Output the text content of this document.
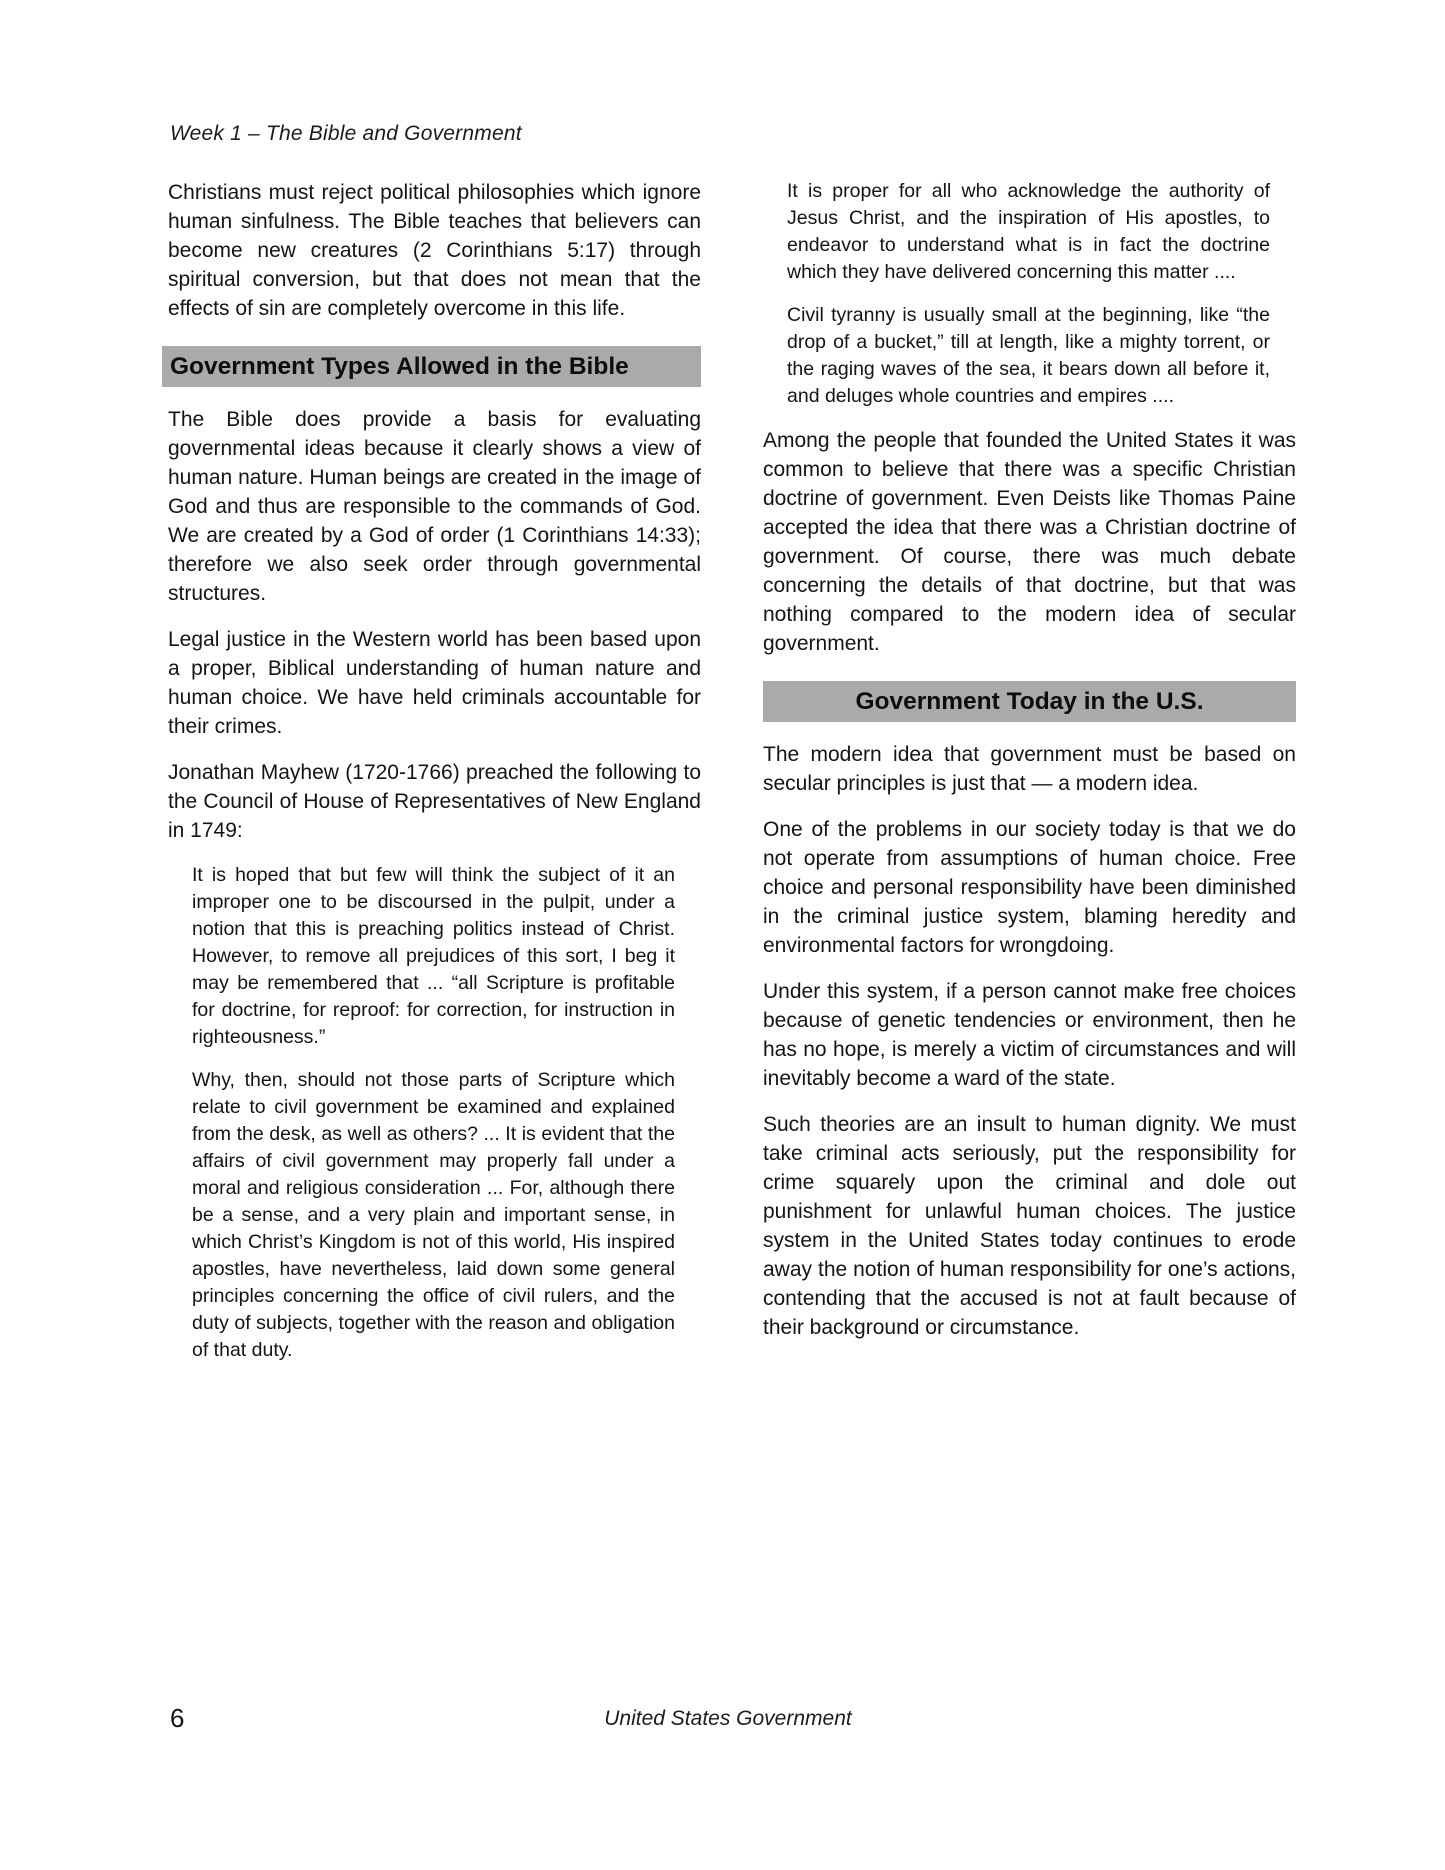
Week 1 – The Bible and Government

Christians must reject political philosophies which ignore human sinfulness. The Bible teaches that believers can become new creatures (2 Corinthians 5:17) through spiritual conversion, but that does not mean that the effects of sin are completely overcome in this life.

Government Types Allowed in the Bible

The Bible does provide a basis for evaluating governmental ideas because it clearly shows a view of human nature. Human beings are created in the image of God and thus are responsible to the commands of God. We are created by a God of order (1 Corinthians 14:33); therefore we also seek order through governmental structures.

Legal justice in the Western world has been based upon a proper, Biblical understanding of human nature and human choice. We have held criminals accountable for their crimes.

Jonathan Mayhew (1720-1766) preached the following to the Council of House of Representatives of New England in 1749:

It is hoped that but few will think the subject of it an improper one to be discoursed in the pulpit, under a notion that this is preaching politics instead of Christ. However, to remove all prejudices of this sort, I beg it may be remembered that ... “all Scripture is profitable for doctrine, for reproof: for correction, for instruction in righteousness.”

Why, then, should not those parts of Scripture which relate to civil government be examined and explained from the desk, as well as others? ... It is evident that the affairs of civil government may properly fall under a moral and religious consideration ... For, although there be a sense, and a very plain and important sense, in which Christ’s Kingdom is not of this world, His inspired apostles, have nevertheless, laid down some general principles concerning the office of civil rulers, and the duty of subjects, together with the reason and obligation of that duty.

It is proper for all who acknowledge the authority of Jesus Christ, and the inspiration of His apostles, to endeavor to understand what is in fact the doctrine which they have delivered concerning this matter ....

Civil tyranny is usually small at the beginning, like “the drop of a bucket,” till at length, like a mighty torrent, or the raging waves of the sea, it bears down all before it, and deluges whole countries and empires ....

Among the people that founded the United States it was common to believe that there was a specific Christian doctrine of government. Even Deists like Thomas Paine accepted the idea that there was a Christian doctrine of government. Of course, there was much debate concerning the details of that doctrine, but that was nothing compared to the modern idea of secular government.

Government Today in the U.S.

The modern idea that government must be based on secular principles is just that — a modern idea.

One of the problems in our society today is that we do not operate from assumptions of human choice. Free choice and personal responsibility have been diminished in the criminal justice system, blaming heredity and environmental factors for wrongdoing.

Under this system, if a person cannot make free choices because of genetic tendencies or environment, then he has no hope, is merely a victim of circumstances and will inevitably become a ward of the state.

Such theories are an insult to human dignity. We must take criminal acts seriously, put the responsibility for crime squarely upon the criminal and dole out punishment for unlawful human choices. The justice system in the United States today continues to erode away the notion of human responsibility for one’s actions, contending that the accused is not at fault because of their background or circumstance.

6	United States Government
